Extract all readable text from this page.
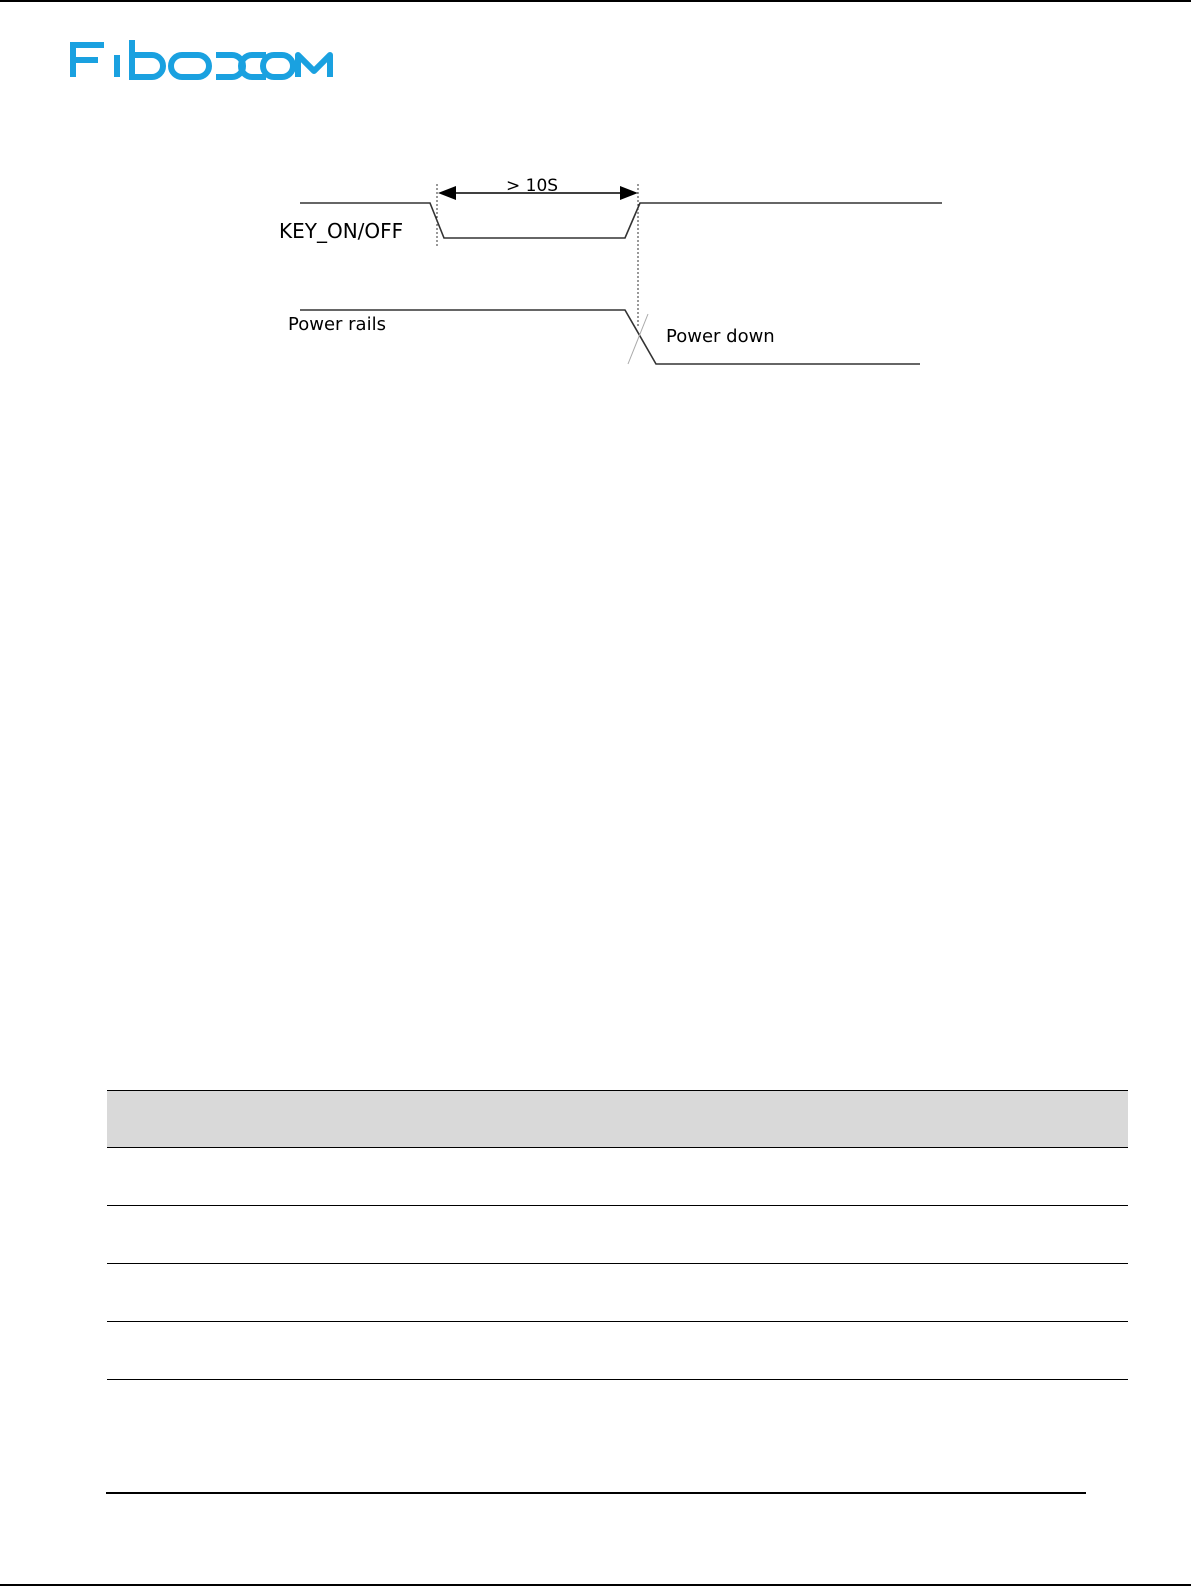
> 10S
KEY_ON/OFF
Power rails
Power down
